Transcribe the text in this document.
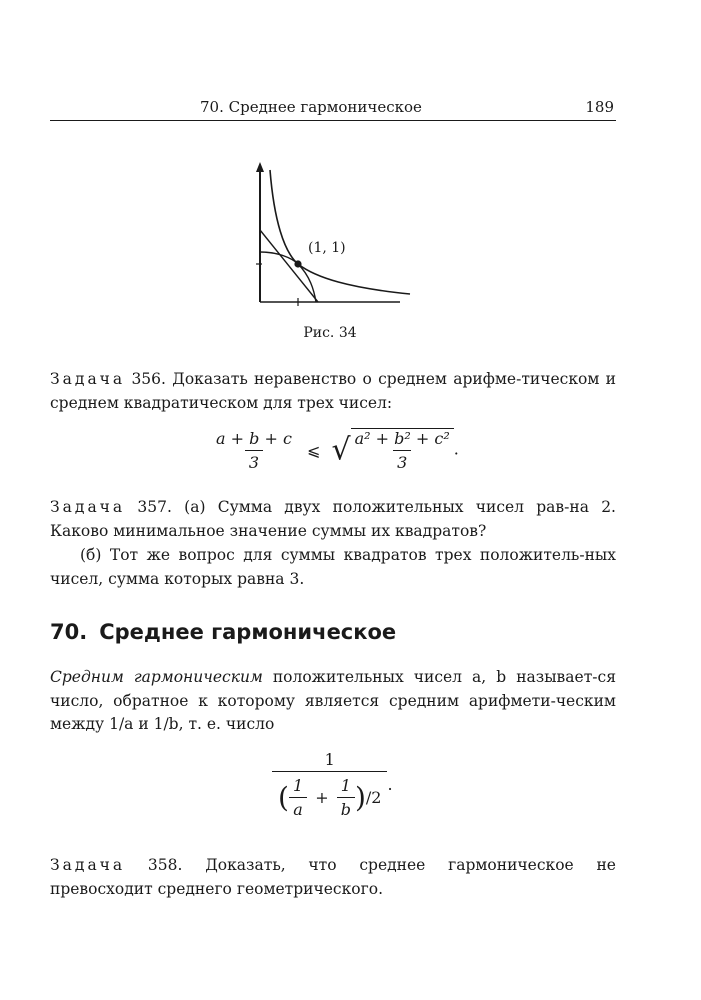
70. Среднее гармоническое	189
(1, 1)
Рис. 34

Задача 356. Доказать неравенство о среднем арифме-тическом и среднем квадратическом для трех чисел:

$\frac{a + b + c}{3}$ ⩽ √ $\frac{\text{a² + b² + c²}}{3}$ .

Задача 357. (а) Сумма двух положительных чисел рав-на 2. Каково минимальное значение суммы их квадратов?

(б) Тот же вопрос для суммы квадратов трех положитель-ных чисел, сумма которых равна 3.

70. Среднее гармоническое

Средним гармоническим положительных чисел a, b называет-ся число, обратное к которому является средним арифмети-ческим между 1/a и 1/b, т. е. число

1
( $\frac{1}{a} + \frac{1}{b} )/2$
.

Задача 358. Доказать, что среднее гармоническое не превосходит среднего геометрического.
